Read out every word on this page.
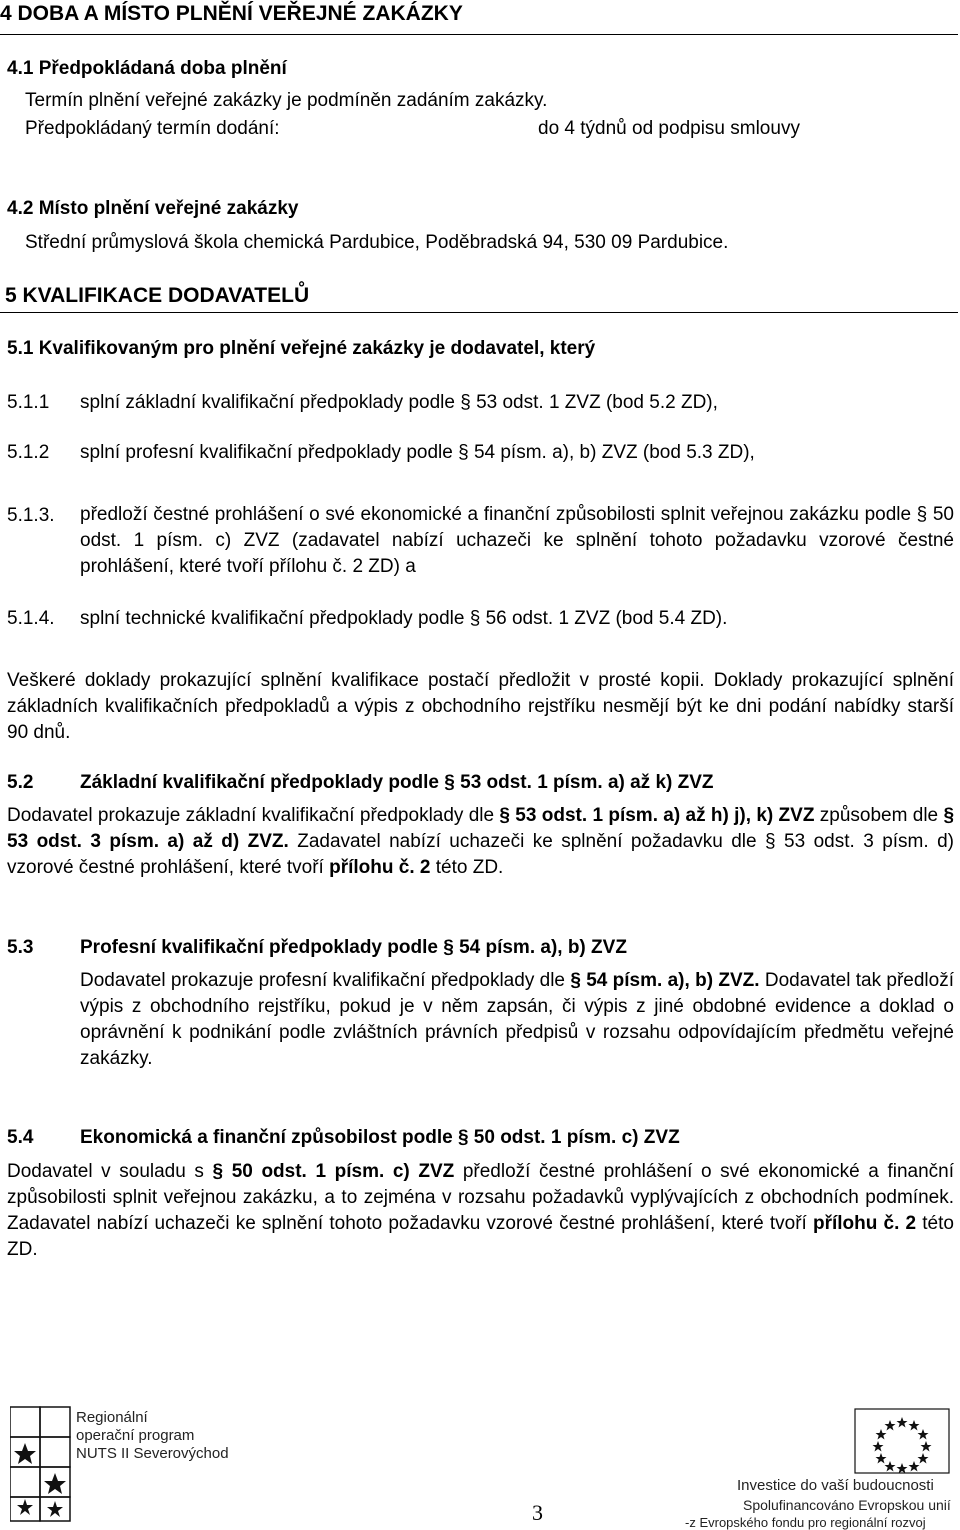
4 DOBA A MÍSTO PLNĚNÍ VEŘEJNÉ ZAKÁZKY
4.1 Předpokládaná doba plnění
Termín plnění veřejné zakázky je podmíněn zadáním zakázky.
Předpokládaný termín dodání:	do 4 týdnů od podpisu smlouvy
4.2 Místo plnění veřejné zakázky
Střední průmyslová škola chemická Pardubice, Poděbradská 94, 530 09 Pardubice.
5 KVALIFIKACE DODAVATELŮ
5.1 Kvalifikovaným pro plnění veřejné zakázky je dodavatel, který
5.1.1 splní základní kvalifikační předpoklady podle § 53 odst. 1 ZVZ (bod 5.2 ZD),
5.1.2 splní profesní kvalifikační předpoklady podle § 54 písm. a), b) ZVZ (bod 5.3 ZD),
5.1.3. předloží čestné prohlášení o své ekonomické a finanční způsobilosti splnit veřejnou zakázku podle § 50 odst. 1 písm. c) ZVZ (zadavatel nabízí uchazeči ke splnění tohoto požadavku vzorové čestné prohlášení, které tvoří přílohu č. 2 ZD) a
5.1.4. splní technické kvalifikační předpoklady podle § 56 odst. 1 ZVZ (bod 5.4 ZD).
Veškeré doklady prokazující splnění kvalifikace postačí předložit v prosté kopii. Doklady prokazující splnění základních kvalifikačních předpokladů a výpis z obchodního rejstříku nesmějí být ke dni podání nabídky starší 90 dnů.
5.2 Základní kvalifikační předpoklady podle § 53 odst. 1 písm. a) až k) ZVZ
Dodavatel prokazuje základní kvalifikační předpoklady dle § 53 odst. 1 písm. a) až h) j), k) ZVZ způsobem dle § 53 odst. 3 písm. a) až d) ZVZ. Zadavatel nabízí uchazeči ke splnění požadavku dle § 53 odst. 3 písm. d) vzorové čestné prohlášení, které tvoří přílohu č. 2 této ZD.
5.3 Profesní kvalifikační předpoklady podle § 54 písm. a), b) ZVZ
Dodavatel prokazuje profesní kvalifikační předpoklady dle § 54 písm. a), b) ZVZ. Dodavatel tak předloží výpis z obchodního rejstříku, pokud je v něm zapsán, či výpis z jiné obdobné evidence a doklad o oprávnění k podnikání podle zvláštních právních předpisů v rozsahu odpovídajícím předmětu veřejné zakázky.
5.4 Ekonomická a finanční způsobilost podle § 50 odst. 1 písm. c) ZVZ
Dodavatel v souladu s § 50 odst. 1 písm. c) ZVZ předloží čestné prohlášení o své ekonomické a finanční způsobilosti splnit veřejnou zakázku, a to zejména v rozsahu požadavků vyplývajících z obchodních podmínek. Zadavatel nabízí uchazeči ke splnění tohoto požadavku vzorové čestné prohlášení, které tvoří přílohu č. 2 této ZD.
Regionální
operační program
NUTS II Severovýchod
3
Investice do vaší budoucnosti
Spolufinancováno Evropskou unií
-z Evropského fondu pro regionální rozvoj
